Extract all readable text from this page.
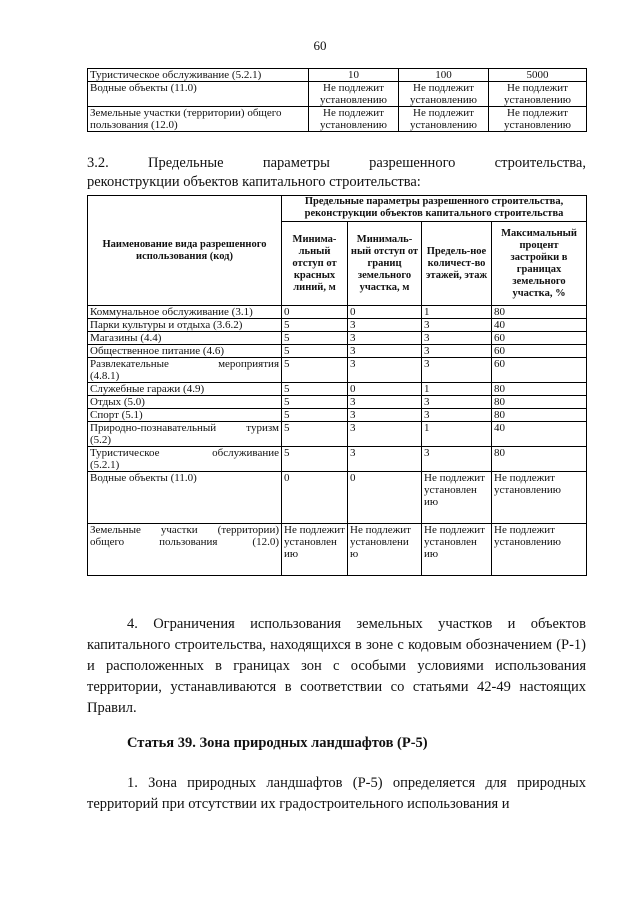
60
Туристическое обслуживание (5.2.1)	10	100	5000
Водные объекты (11.0)	Не подлежит установлению	Не подлежит установлению	Не подлежит установлению
Земельные участки (территории) общего пользования (12.0)	Не подлежит установлению	Не подлежит установлению	Не подлежит установлению
3.2. Предельные параметры разрешенного строительства,
реконструкции объектов капитального строительства:
Наименование вида разрешенного использования (код)	Предельные параметры разрешенного строительства, реконструкции объектов капитального строительства			
	Минима-льный отступ от красных линий, м	Минималь-ный отступ от границ земельного участка, м	Предель-ное количест-во этажей, этаж	Максимальный процент застройки в границах земельного участка, %
Коммунальное обслуживание (3.1)	0	0	1	80
Парки культуры и отдыха (3.6.2)	5	3	3	40
Магазины (4.4)	5	3	3	60
Общественное питание (4.6)	5	3	3	60
Развлекательные мероприятия
(4.8.1)	5	3	3	60
Служебные гаражи (4.9)	5	0	1	80
Отдых (5.0)	5	3	3	80
Спорт (5.1)	5	3	3	80
Природно-познавательный туризм
(5.2)	5	3	1	40
Туристическое обслуживание
(5.2.1)	5	3	3	80
Водные объекты (11.0)	0	0	Не подлежит установлен ию	Не подлежит установлению
Земельные участки (территории) общего пользования (12.0)	Не подлежит установлен ию	Не подлежит установлени ю	Не подлежит установлен ию	Не подлежит установлению
4. Ограничения использования земельных участков и объектов капитального строительства, находящихся в зоне с кодовым обозначением (Р-1) и расположенных в границах зон с особыми условиями использования территории, устанавливаются в соответствии со статьями 42-49 настоящих Правил.
Статья 39. Зона природных ландшафтов (Р-5)
1. Зона природных ландшафтов (Р-5) определяется для природных территорий при отсутствии их градостроительного использования и
